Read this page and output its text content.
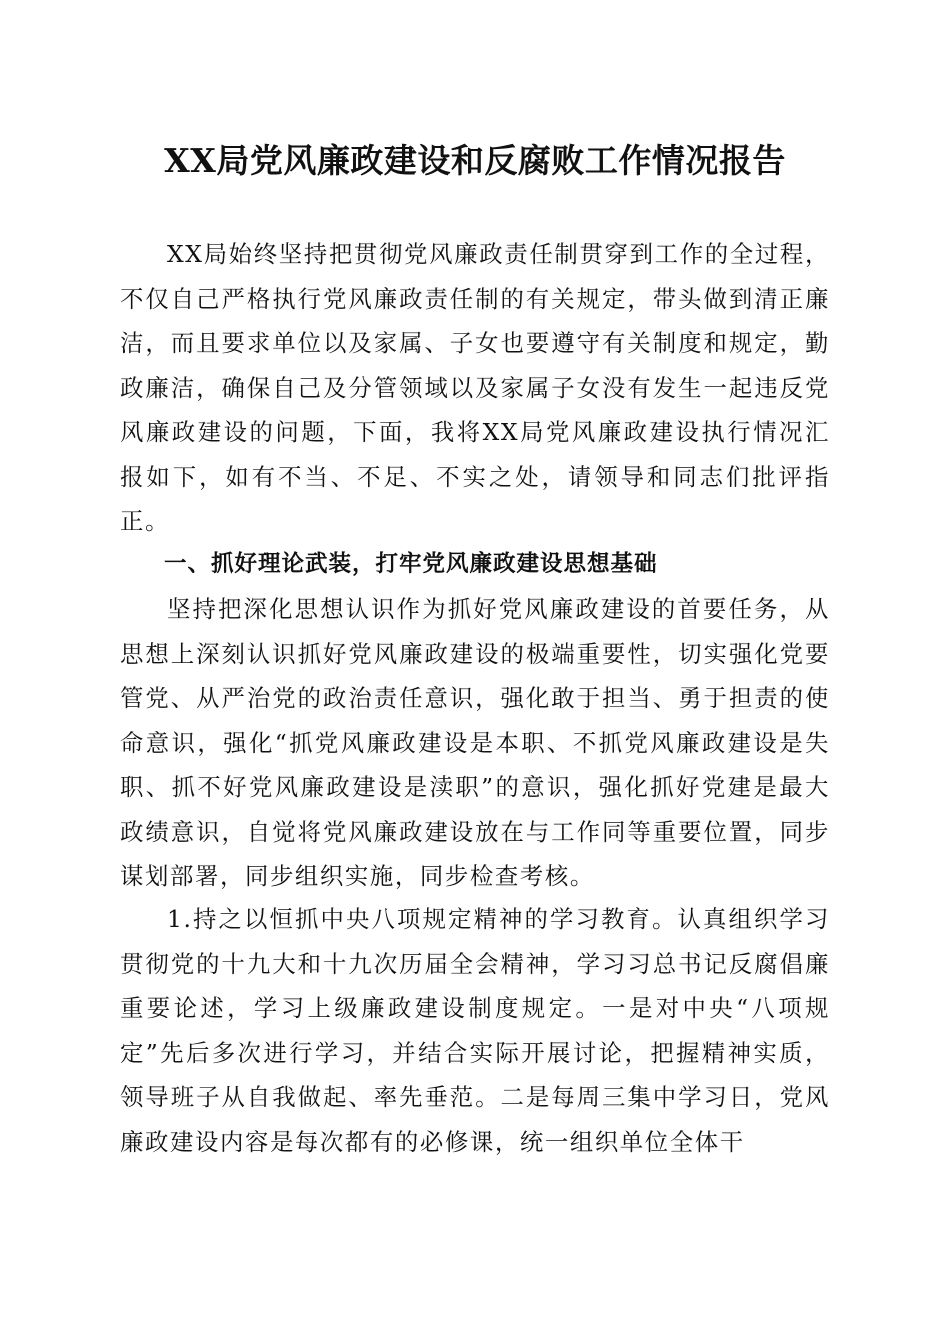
XX局党风廉政建设和反腐败工作情况报告

XX局始终坚持把贯彻党风廉政责任制贯穿到工作的全过程，不仅自己严格执行党风廉政责任制的有关规定，带头做到清正廉洁，而且要求单位以及家属、子女也要遵守有关制度和规定，勤政廉洁，确保自己及分管领域以及家属子女没有发生一起违反党风廉政建设的问题，下面，我将XX局党风廉政建设执行情况汇报如下，如有不当、不足、不实之处，请领导和同志们批评指正。

一、抓好理论武装，打牢党风廉政建设思想基础

坚持把深化思想认识作为抓好党风廉政建设的首要任务，从思想上深刻认识抓好党风廉政建设的极端重要性，切实强化党要管党、从严治党的政治责任意识，强化敢于担当、勇于担责的使命意识，强化“抓党风廉政建设是本职、不抓党风廉政建设是失职、抓不好党风廉政建设是渎职”的意识，强化抓好党建是最大政绩意识，自觉将党风廉政建设放在与工作同等重要位置，同步谋划部署，同步组织实施，同步检查考核。

1.持之以恒抓中央八项规定精神的学习教育。认真组织学习贯彻党的十九大和十九次历届全会精神，学习习总书记反腐倡廉重要论述，学习上级廉政建设制度规定。一是对中央“八项规定”先后多次进行学习，并结合实际开展讨论，把握精神实质，领导班子从自我做起、率先垂范。二是每周三集中学习日，党风廉政建设内容是每次都有的必修课，统一组织单位全体干
